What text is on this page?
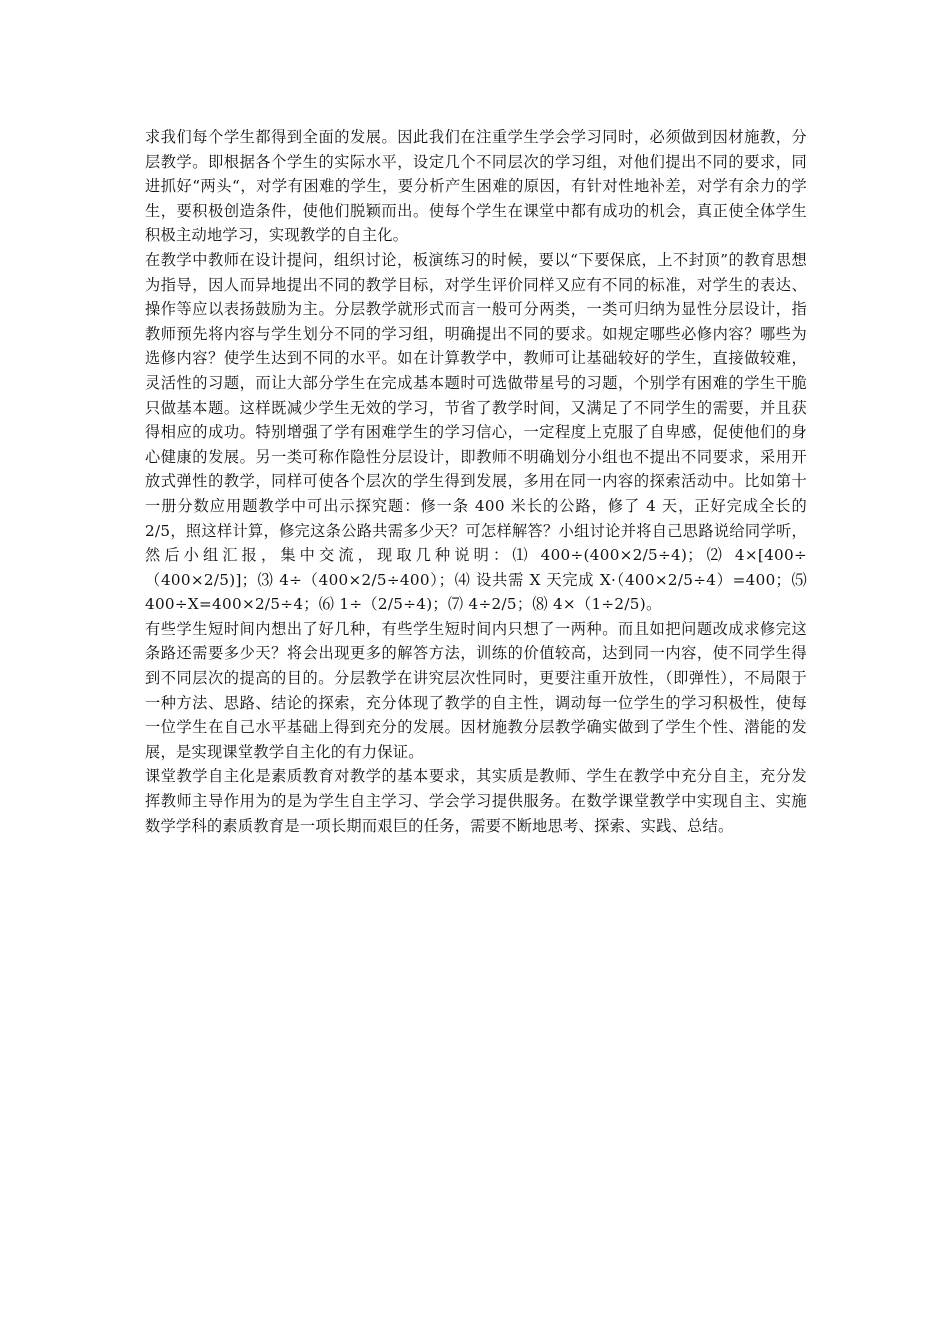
求我们每个学生都得到全面的发展。因此我们在注重学生学会学习同时，必须做到因材施教，分层教学。即根据各个学生的实际水平，设定几个不同层次的学习组，对他们提出不同的要求，同进抓好“两头“，对学有困难的学生，要分析产生困难的原因，有针对性地补差，对学有余力的学生，要积极创造条件，使他们脱颖而出。使每个学生在课堂中都有成功的机会，真正使全体学生积极主动地学习，实现教学的自主化。

在教学中教师在设计提问，组织讨论，板演练习的时候，要以“下要保底，上不封顶”的教育思想为指导，因人而异地提出不同的教学目标，对学生评价同样又应有不同的标准，对学生的表达、操作等应以表扬鼓励为主。分层教学就形式而言一般可分两类，一类可归纳为显性分层设计，指教师预先将内容与学生划分不同的学习组，明确提出不同的要求。如规定哪些必修内容？哪些为选修内容？使学生达到不同的水平。如在计算教学中，教师可让基础较好的学生，直接做较难，灵活性的习题，而让大部分学生在完成基本题时可选做带星号的习题，个别学有困难的学生干脆只做基本题。这样既减少学生无效的学习，节省了教学时间，又满足了不同学生的需要，并且获得相应的成功。特别增强了学有困难学生的学习信心，一定程度上克服了自卑感，促使他们的身心健康的发展。另一类可称作隐性分层设计，即教师不明确划分小组也不提出不同要求，采用开放式弹性的教学，同样可使各个层次的学生得到发展，多用在同一内容的探索活动中。比如第十一册分数应用题教学中可出示探究题：修一条 400 米长的公路，修了 4 天，正好完成全长的 2/5，照这样计算，修完这条公路共需多少天？可怎样解答？小组讨论并将自己思路说给同学听，然后小组汇报，集中交流，现取几种说明：⑴ 400÷(400×2/5÷4)；⑵ 4×[400÷（400×2/5)]；⑶ 4÷（400×2/5÷400）；⑷ 设共需 X 天完成 X·（400×2/5÷4）=400；⑸ 400÷X=400×2/5÷4；⑹ 1÷（2/5÷4)；⑺ 4÷2/5；⑻ 4×（1÷2/5)。

有些学生短时间内想出了好几种，有些学生短时间内只想了一两种。而且如把问题改成求修完这条路还需要多少天？将会出现更多的解答方法，训练的价值较高，达到同一内容，使不同学生得到不同层次的提高的目的。分层教学在讲究层次性同时，更要注重开放性，（即弹性），不局限于一种方法、思路、结论的探索，充分体现了教学的自主性，调动每一位学生的学习积极性，使每一位学生在自己水平基础上得到充分的发展。因材施教分层教学确实做到了学生个性、潜能的发展，是实现课堂教学自主化的有力保证。

课堂教学自主化是素质教育对教学的基本要求，其实质是教师、学生在教学中充分自主，充分发挥教师主导作用为的是为学生自主学习、学会学习提供服务。在数学课堂教学中实现自主、实施数学学科的素质教育是一项长期而艰巨的任务，需要不断地思考、探索、实践、总结。
